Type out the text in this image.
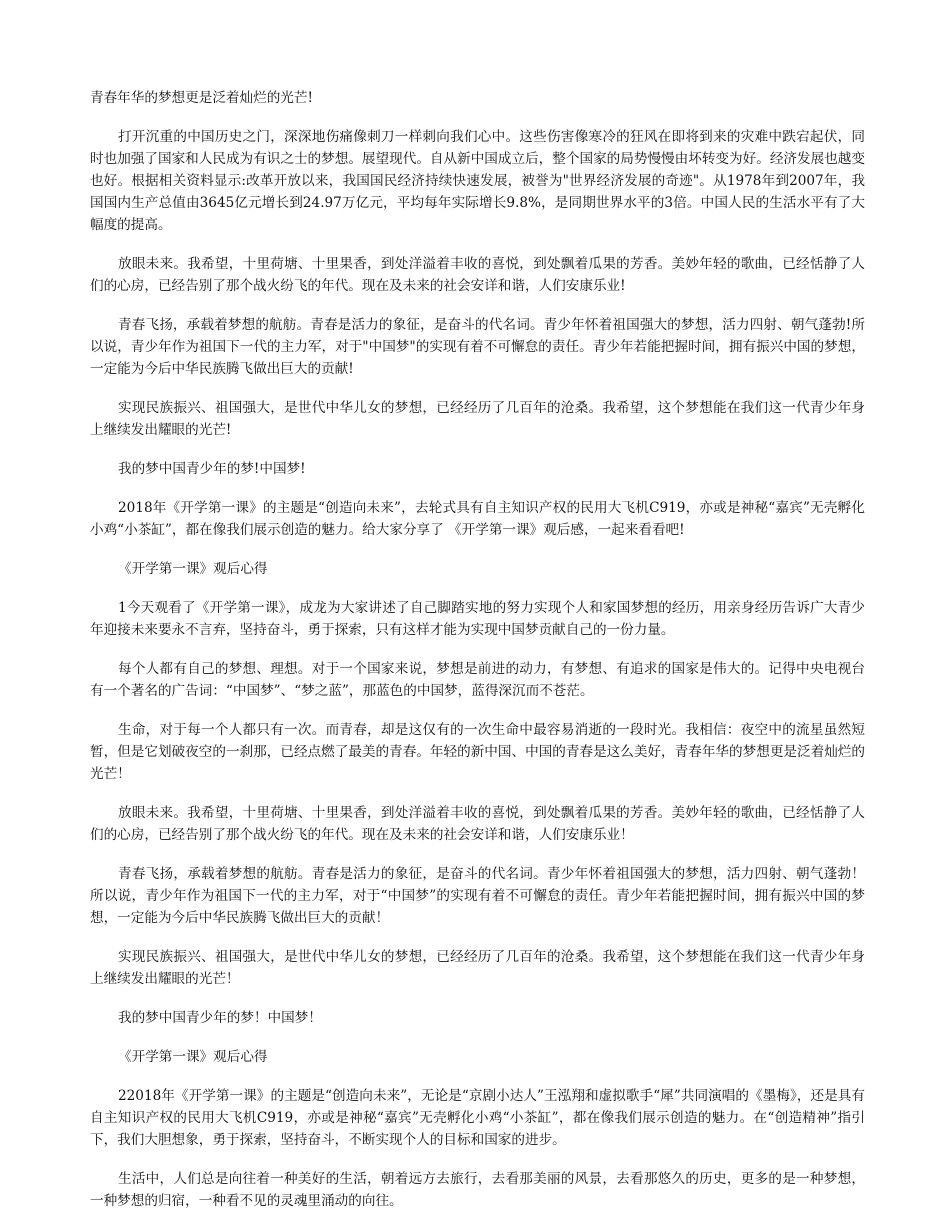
青春年华的梦想更是泛着灿烂的光芒!

打开沉重的中国历史之门，深深地伤痛像刺刀一样刺向我们心中。这些伤害像寒冷的狂风在即将到来的灾难中跌宕起伏，同时也加强了国家和人民成为有识之士的梦想。展望现代。自从新中国成立后，整个国家的局势慢慢由坏转变为好。经济发展也越变也好。根据相关资料显示:改革开放以来，我国国民经济持续快速发展，被誉为"世界经济发展的奇迹"。从1978年到2007年，我国国内生产总值由3645亿元增长到24.97万亿元，平均每年实际增长9.8%，是同期世界水平的3倍。中国人民的生活水平有了大幅度的提高。

放眼未来。我希望，十里荷塘、十里果香，到处洋溢着丰收的喜悦，到处飘着瓜果的芳香。美妙年轻的歌曲，已经恬静了人们的心房，已经告别了那个战火纷飞的年代。现在及未来的社会安详和谐，人们安康乐业!

青春飞扬，承载着梦想的航舫。青春是活力的象征，是奋斗的代名词。青少年怀着祖国强大的梦想，活力四射、朝气蓬勃!所以说，青少年作为祖国下一代的主力军，对于"中国梦"的实现有着不可懈怠的责任。青少年若能把握时间，拥有振兴中国的梦想，一定能为今后中华民族腾飞做出巨大的贡献!

实现民族振兴、祖国强大，是世代中华儿女的梦想，已经经历了几百年的沧桑。我希望，这个梦想能在我们这一代青少年身上继续发出耀眼的光芒!

我的梦中国青少年的梦!中国梦!

2018年《开学第一课》的主题是“创造向未来”，去轮式具有自主知识产权的民用大飞机C919，亦或是神秘“嘉宾”无壳孵化小鸡“小茶缸”，都在像我们展示创造的魅力。给大家分享了 《开学第一课》观后感，一起来看看吧!

《开学第一课》观后心得

1今天观看了《开学第一课》，成龙为大家讲述了自己脚踏实地的努力实现个人和家国梦想的经历，用亲身经历告诉广大青少年迎接未来要永不言弃，坚持奋斗，勇于探索，只有这样才能为实现中国梦贡献自己的一份力量。

每个人都有自己的梦想、理想。对于一个国家来说，梦想是前进的动力，有梦想、有追求的国家是伟大的。记得中央电视台有一个著名的广告词：“中国梦”、“梦之蓝”，那蓝色的中国梦，蓝得深沉而不苍茫。

生命，对于每一个人都只有一次。而青春，却是这仅有的一次生命中最容易消逝的一段时光。我相信：夜空中的流星虽然短暂，但是它划破夜空的一刹那，已经点燃了最美的青春。年轻的新中国、中国的青春是这么美好，青春年华的梦想更是泛着灿烂的光芒！

放眼未来。我希望，十里荷塘、十里果香，到处洋溢着丰收的喜悦，到处飘着瓜果的芳香。美妙年轻的歌曲，已经恬静了人们的心房，已经告别了那个战火纷飞的年代。现在及未来的社会安详和谐，人们安康乐业！

青春飞扬，承载着梦想的航舫。青春是活力的象征，是奋斗的代名词。青少年怀着祖国强大的梦想，活力四射、朝气蓬勃！所以说，青少年作为祖国下一代的主力军，对于“中国梦”的实现有着不可懈怠的责任。青少年若能把握时间，拥有振兴中国的梦想，一定能为今后中华民族腾飞做出巨大的贡献！

实现民族振兴、祖国强大，是世代中华儿女的梦想，已经经历了几百年的沧桑。我希望，这个梦想能在我们这一代青少年身上继续发出耀眼的光芒！

我的梦中国青少年的梦！中国梦！

《开学第一课》观后心得

22018年《开学第一课》的主题是“创造向未来”，无论是“京剧小达人”王泓翔和虚拟歌手“犀”共同演唱的《墨梅》，还是具有自主知识产权的民用大飞机C919，亦或是神秘“嘉宾”无壳孵化小鸡“小茶缸”，都在像我们展示创造的魅力。在“创造精神”指引下，我们大胆想象，勇于探索，坚持奋斗，不断实现个人的目标和国家的进步。

生活中，人们总是向往着一种美好的生活，朝着远方去旅行，去看那美丽的风景，去看那悠久的历史，更多的是一种梦想，一种梦想的归宿，一种看不见的灵魂里涌动的向往。
